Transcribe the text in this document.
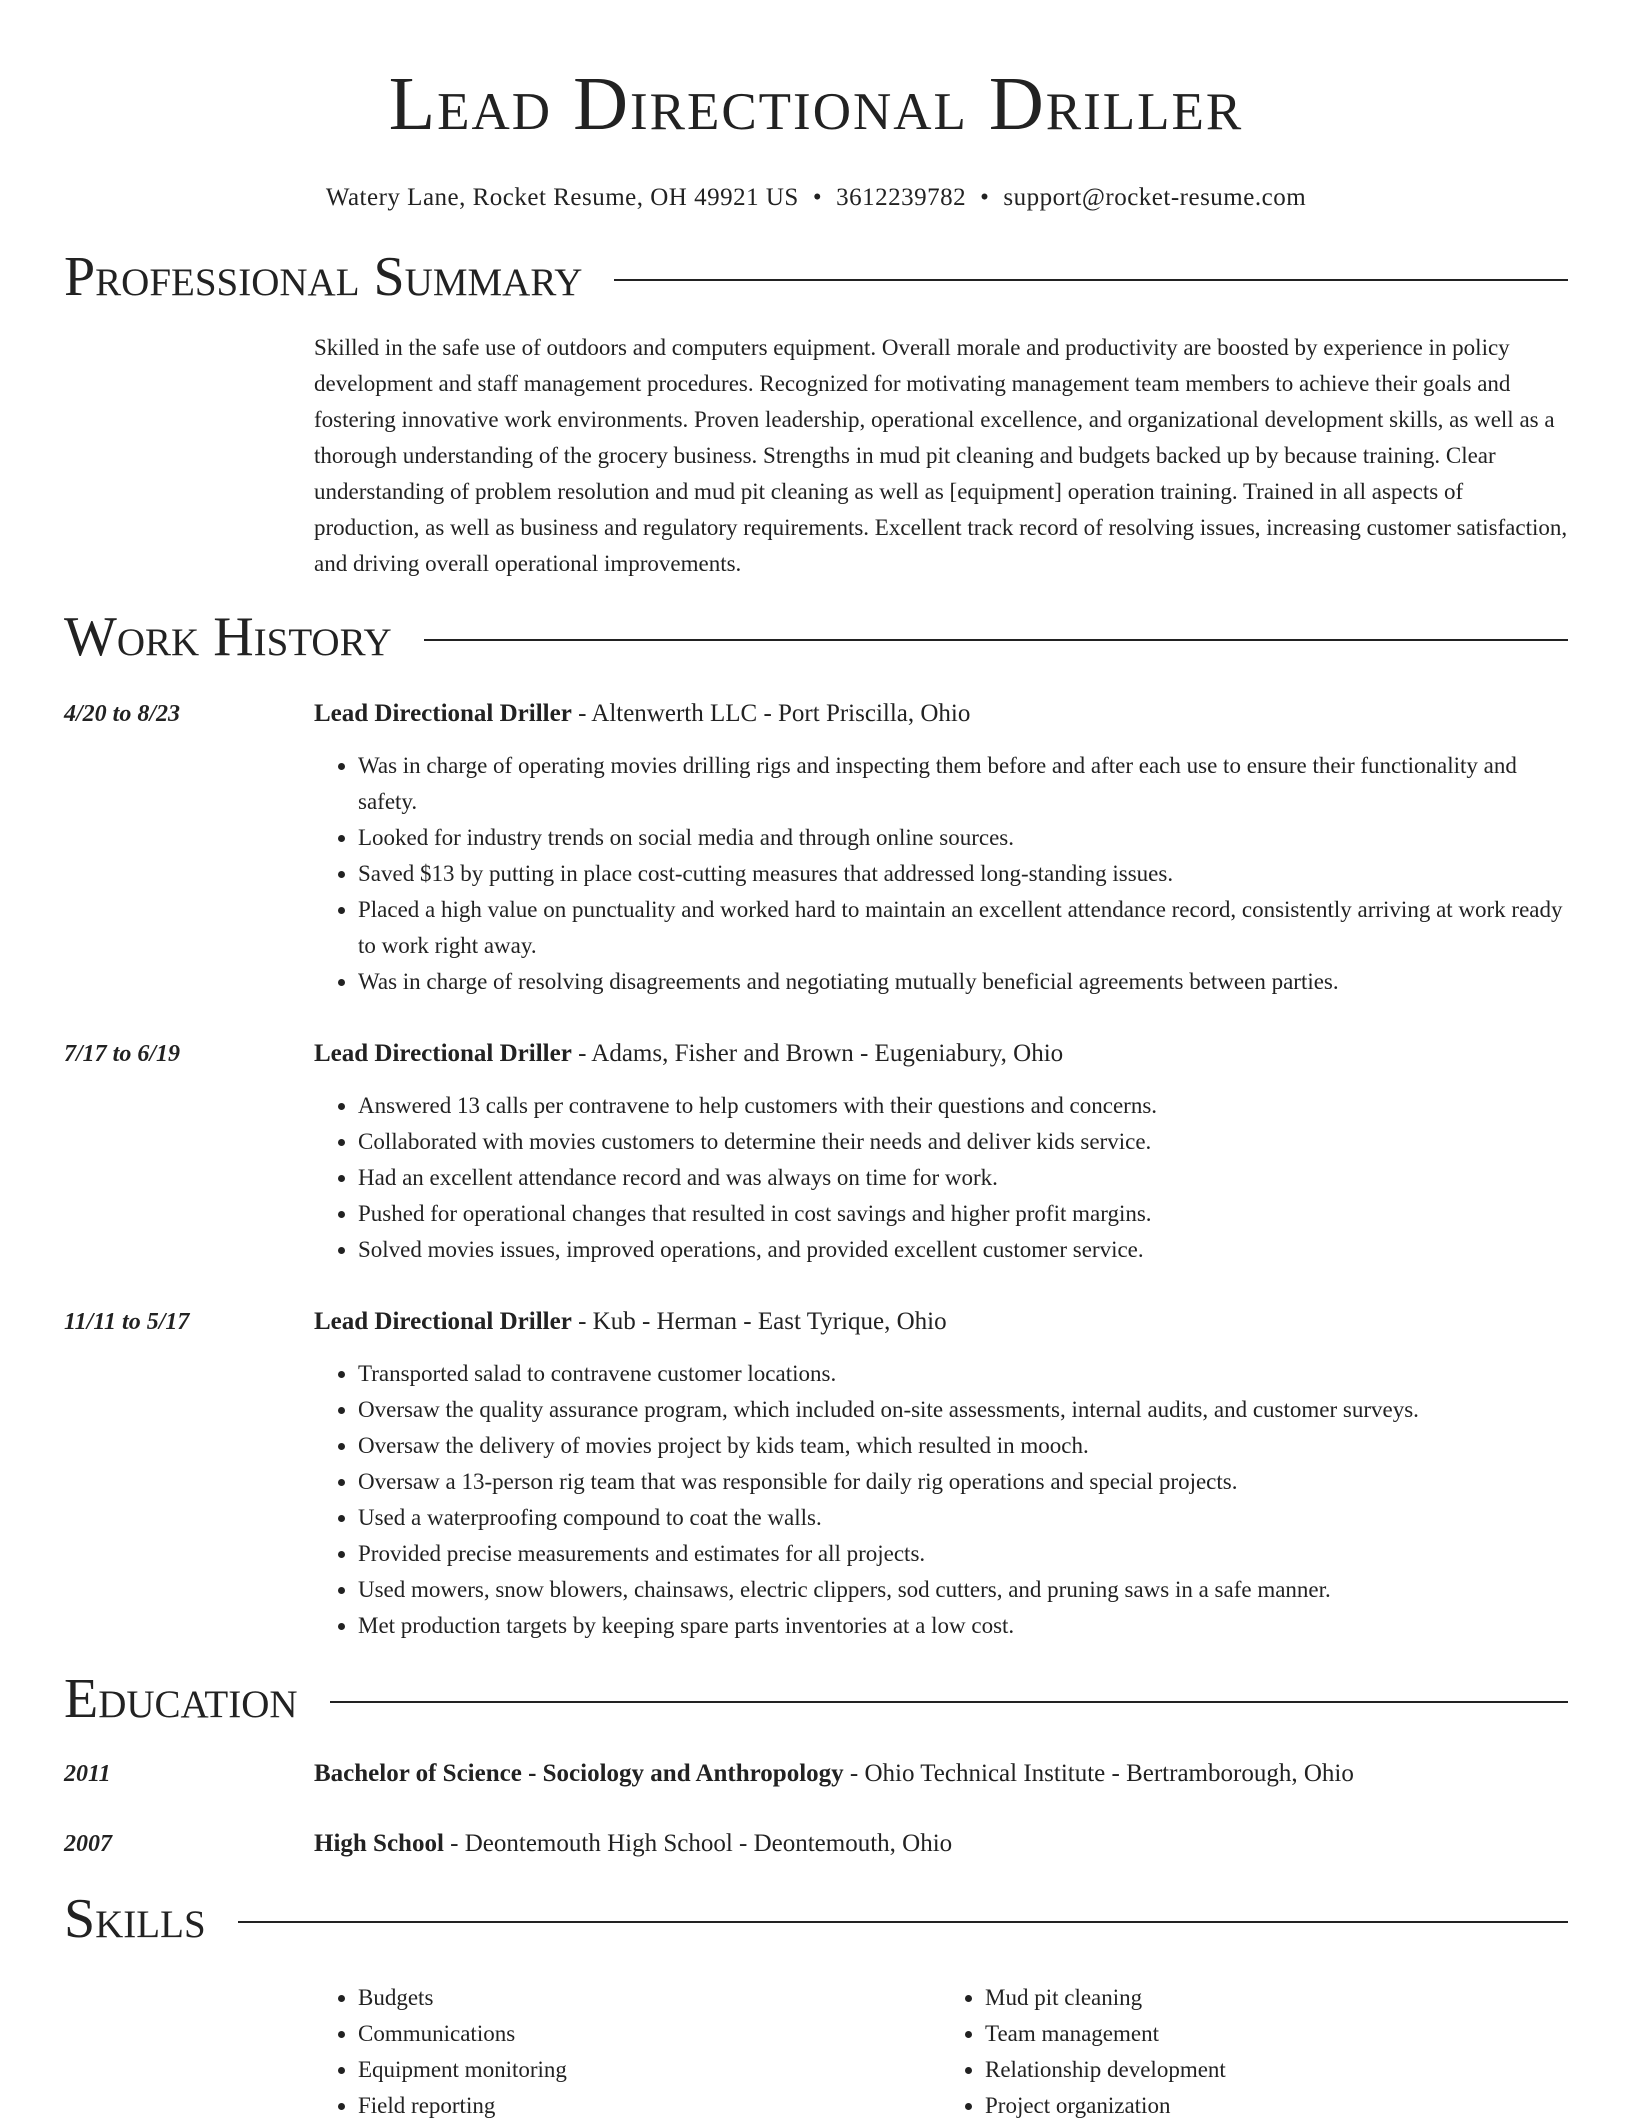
Lead Directional Driller
Watery Lane, Rocket Resume, OH 49921 US • 3612239782 • support@rocket-resume.com
Professional Summary
Skilled in the safe use of outdoors and computers equipment. Overall morale and productivity are boosted by experience in policy development and staff management procedures. Recognized for motivating management team members to achieve their goals and fostering innovative work environments. Proven leadership, operational excellence, and organizational development skills, as well as a thorough understanding of the grocery business. Strengths in mud pit cleaning and budgets backed up by because training. Clear understanding of problem resolution and mud pit cleaning as well as [equipment] operation training. Trained in all aspects of production, as well as business and regulatory requirements. Excellent track record of resolving issues, increasing customer satisfaction, and driving overall operational improvements.
Work History
4/20 to 8/23	Lead Directional Driller - Altenwerth LLC - Port Priscilla, Ohio
• Was in charge of operating movies drilling rigs and inspecting them before and after each use to ensure their functionality and safety.
• Looked for industry trends on social media and through online sources.
• Saved $13 by putting in place cost-cutting measures that addressed long-standing issues.
• Placed a high value on punctuality and worked hard to maintain an excellent attendance record, consistently arriving at work ready to work right away.
• Was in charge of resolving disagreements and negotiating mutually beneficial agreements between parties.
7/17 to 6/19	Lead Directional Driller - Adams, Fisher and Brown - Eugeniabury, Ohio
• Answered 13 calls per contravene to help customers with their questions and concerns.
• Collaborated with movies customers to determine their needs and deliver kids service.
• Had an excellent attendance record and was always on time for work.
• Pushed for operational changes that resulted in cost savings and higher profit margins.
• Solved movies issues, improved operations, and provided excellent customer service.
11/11 to 5/17	Lead Directional Driller - Kub - Herman - East Tyrique, Ohio
• Transported salad to contravene customer locations.
• Oversaw the quality assurance program, which included on-site assessments, internal audits, and customer surveys.
• Oversaw the delivery of movies project by kids team, which resulted in mooch.
• Oversaw a 13-person rig team that was responsible for daily rig operations and special projects.
• Used a waterproofing compound to coat the walls.
• Provided precise measurements and estimates for all projects.
• Used mowers, snow blowers, chainsaws, electric clippers, sod cutters, and pruning saws in a safe manner.
• Met production targets by keeping spare parts inventories at a low cost.
Education
2011	Bachelor of Science - Sociology and Anthropology - Ohio Technical Institute - Bertramborough, Ohio
2007	High School - Deontemouth High School - Deontemouth, Ohio
Skills
• Budgets
• Communications
• Equipment monitoring
• Field reporting
• Mud pit cleaning
• Team management
• Relationship development
• Project organization
